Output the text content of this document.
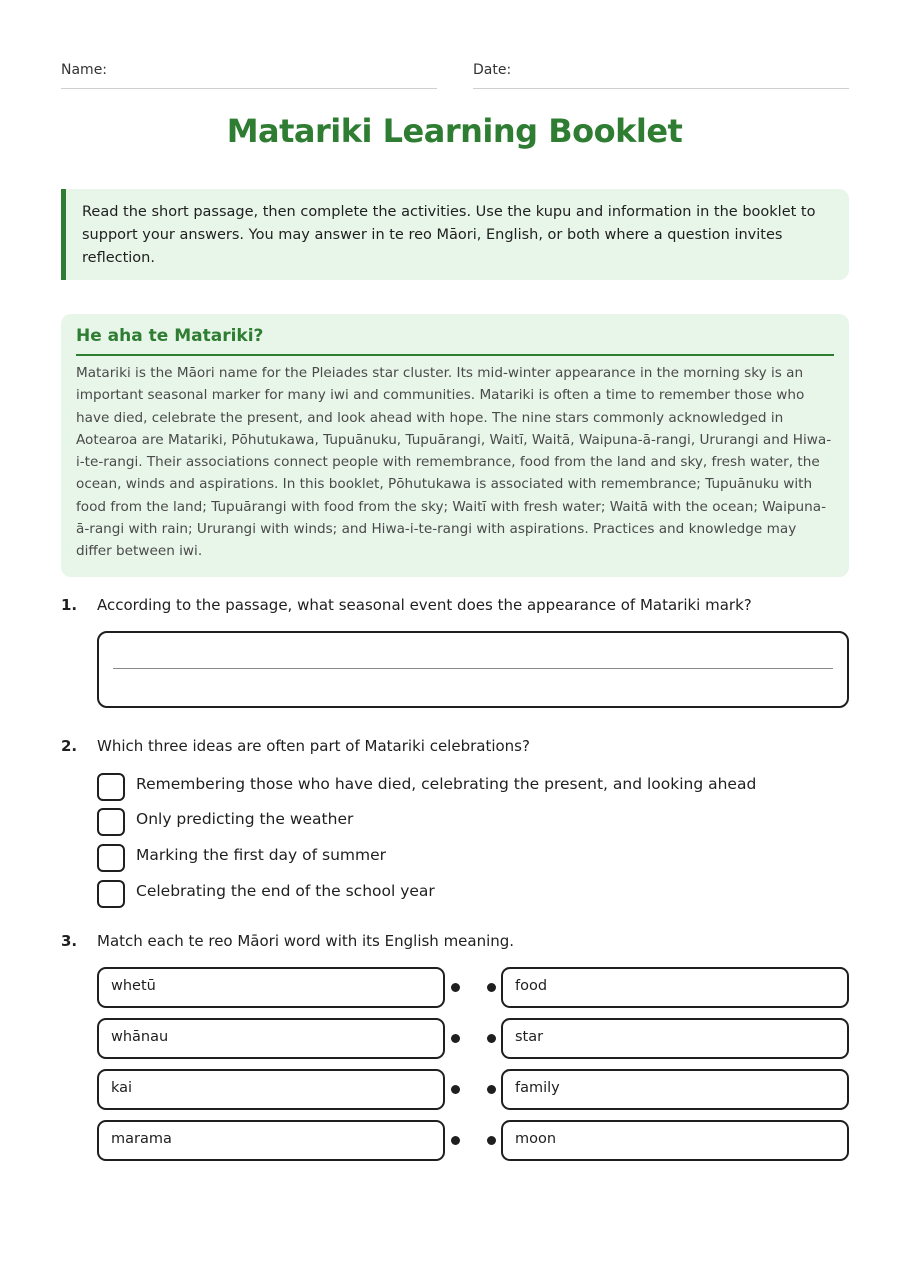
Name:	Date:
Matariki Learning Booklet
Read the short passage, then complete the activities. Use the kupu and information in the booklet to support your answers. You may answer in te reo Māori, English, or both where a question invites reflection.
He aha te Matariki?

Matariki is the Māori name for the Pleiades star cluster. Its mid-winter appearance in the morning sky is an important seasonal marker for many iwi and communities. Matariki is often a time to remember those who have died, celebrate the present, and look ahead with hope. The nine stars commonly acknowledged in Aotearoa are Matariki, Pōhutukawa, Tupuānuku, Tupuārangi, Waitī, Waitā, Waipuna-ā-rangi, Ururangi and Hiwa-i-te-rangi. Their associations connect people with remembrance, food from the land and sky, fresh water, the ocean, winds and aspirations. In this booklet, Pōhutukawa is associated with remembrance; Tupuānuku with food from the land; Tupuārangi with food from the sky; Waitī with fresh water; Waitā with the ocean; Waipuna-ā-rangi with rain; Ururangi with winds; and Hiwa-i-te-rangi with aspirations. Practices and knowledge may differ between iwi.

1. According to the passage, what seasonal event does the appearance of Matariki mark?
2. Which three ideas are often part of Matariki celebrations?
Remembering those who have died, celebrating the present, and looking ahead
Only predicting the weather
Marking the first day of summer
Celebrating the end of the school year
3. Match each te reo Māori word with its English meaning.
whetū	food
whānau	star
kai	family
marama	moon
